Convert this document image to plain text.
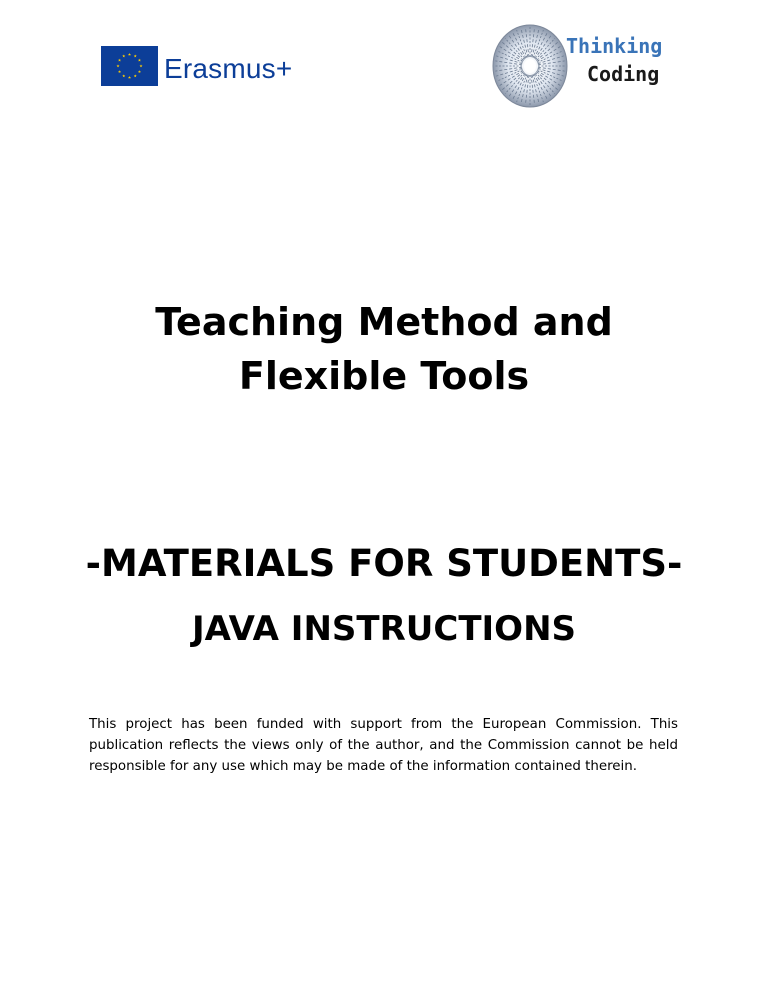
Erasmus+
Thinking
Coding
Teaching Method and
Flexible Tools
-MATERIALS FOR STUDENTS-
JAVA INSTRUCTIONS

This project has been funded with support from the European Commission. This publication reflects the views only of the author, and the Commission cannot be held responsible for any use which may be made of the information contained therein.
